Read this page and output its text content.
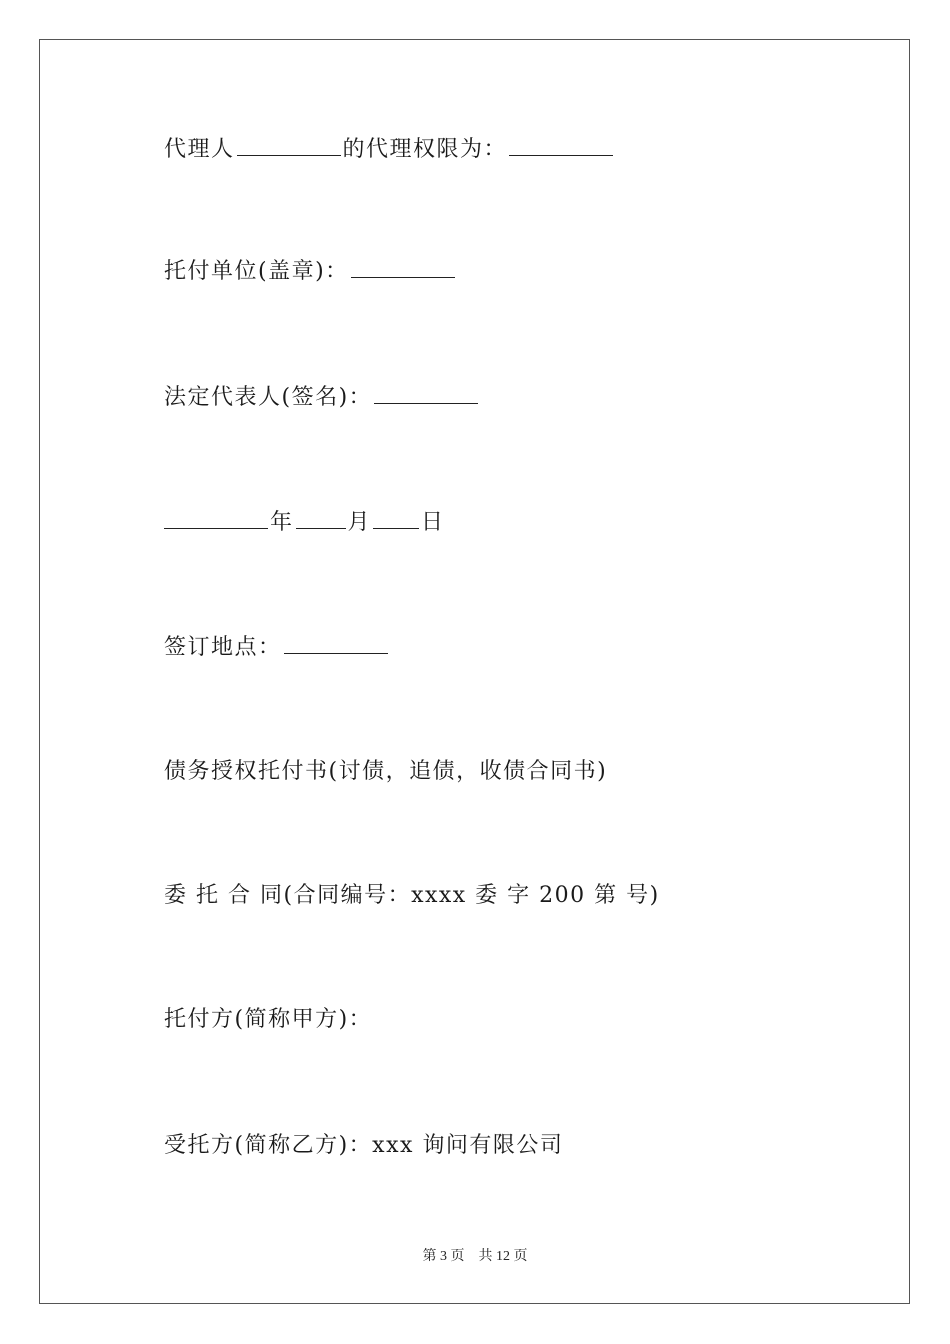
代理人	的代理权限为：
托付单位(盖章)：
法定代表人(签名)：
年 月 日
签订地点：
债务授权托付书(讨债，追债，收债合同书)
委 托 合 同(合同编号：xxxx 委 字 200 第 号)
托付方(简称甲方)：
受托方(简称乙方)：xxx 询问有限公司
第 3 页 共 12 页
